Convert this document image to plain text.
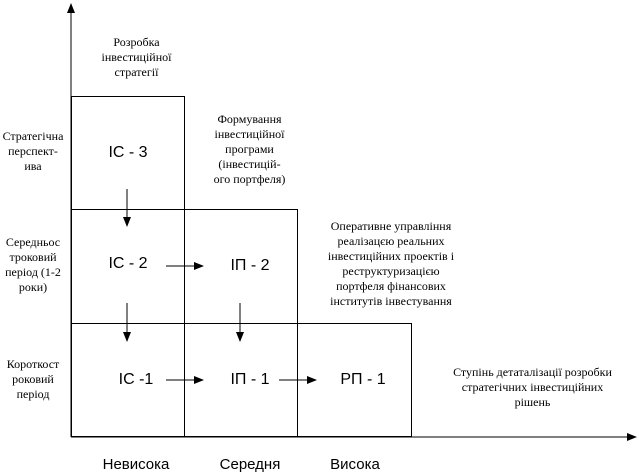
Розробка
інвестиційної
стратегії
Формування
інвестиційної
програми
(інвестицій-
ого портфеля)
Оперативне управління
реалізацєю реальних
інвестиційних проектів і
реструктуризацією
портфеля фінансових
інститутів інвестування
Ступінь детаталізації розробки
стратегічних інвестиційних
рішень
Стратегічна
перспект-
ива
Середньос
троковий
період (1-2
роки)
Короткост
роковий
період
ІС - 3
ІС - 2	ІП - 2
ІС -1	ІП - 1	РП - 1
Невисока	Середня	Висока
